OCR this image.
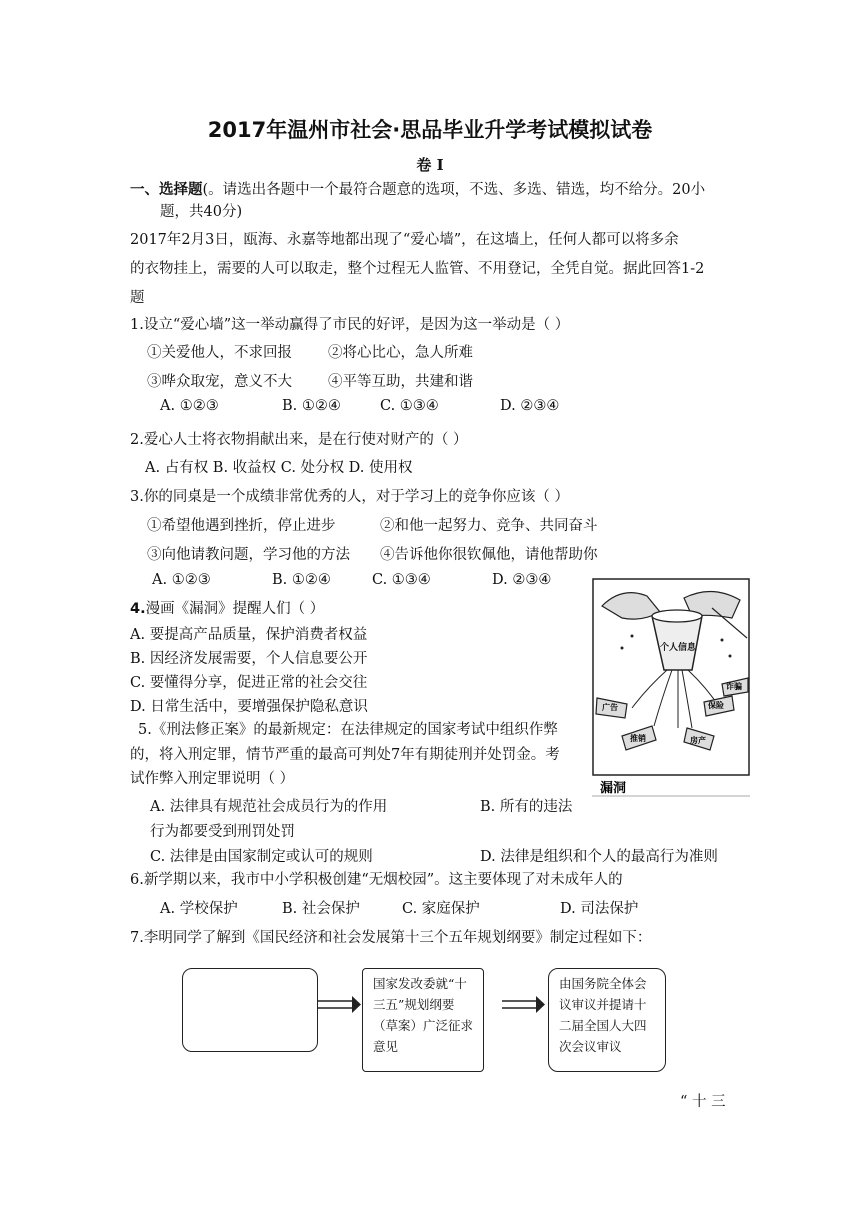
2017年温州市社会·思品毕业升学考试模拟试卷
卷 Ⅰ
一、选择题(。请选出各题中一个最符合题意的选项，不选、多选、错选，均不给分。20小
题，共40分)
2017年2月3日，瓯海、永嘉等地都出现了“爱心墙”，在这墙上，任何人都可以将多余
的衣物挂上，需要的人可以取走，整个过程无人监管、不用登记，全凭自觉。据此回答1-2
题
1.设立“爱心墙”这一举动赢得了市民的好评，是因为这一举动是（ ）
①关爱他人，不求回报 ②将心比心，急人所难
③哗众取宠，意义不大 ④平等互助，共建和谐
A. ①②③	B. ①②④	C. ①③④	D. ②③④
2.爱心人士将衣物捐献出来，是在行使对财产的（ ）
A. 占有权 B. 收益权 C. 处分权 D. 使用权
3.你的同桌是一个成绩非常优秀的人，对于学习上的竞争你应该（ ）
①希望他遇到挫折，停止进步	②和他一起努力、竞争、共同奋斗
③向他请教问题，学习他的方法 ④告诉他你很钦佩他，请他帮助你
A. ①②③	B. ①②④	C. ①③④	D. ②③④
4.漫画《漏洞》提醒人们（ ）
A. 要提高产品质量，保护消费者权益
B. 因经济发展需要，个人信息要公开
C. 要懂得分享，促进正常的社会交往
D. 日常生活中，要增强保护隐私意识
个人信息
广告
推销	房产
保险
诈骗
漏洞
5.《刑法修正案》的最新规定：在法律规定的国家考试中组织作弊
的，将入刑定罪，情节严重的最高可判处7年有期徒刑并处罚金。考
试作弊入刑定罪说明（ ）
A. 法律具有规范社会成员行为的作用	B. 所有的违法
行为都要受到刑罚处罚
C. 法律是由国家制定或认可的规则	D. 法律是组织和个人的最高行为准则
6.新学期以来，我市中小学积极创建“无烟校园”。这主要体现了对未成年人的
A. 学校保护	B. 社会保护	C. 家庭保护	D. 司法保护
7.李明同学了解到《国民经济和社会发展第十三个五年规划纲要》制定过程如下：
国家发改委就“十三五”规划纲要（草案）广泛征求意见
由国务院全体会议审议并提请十二届全国人大四次会议审议
“ 十 三
